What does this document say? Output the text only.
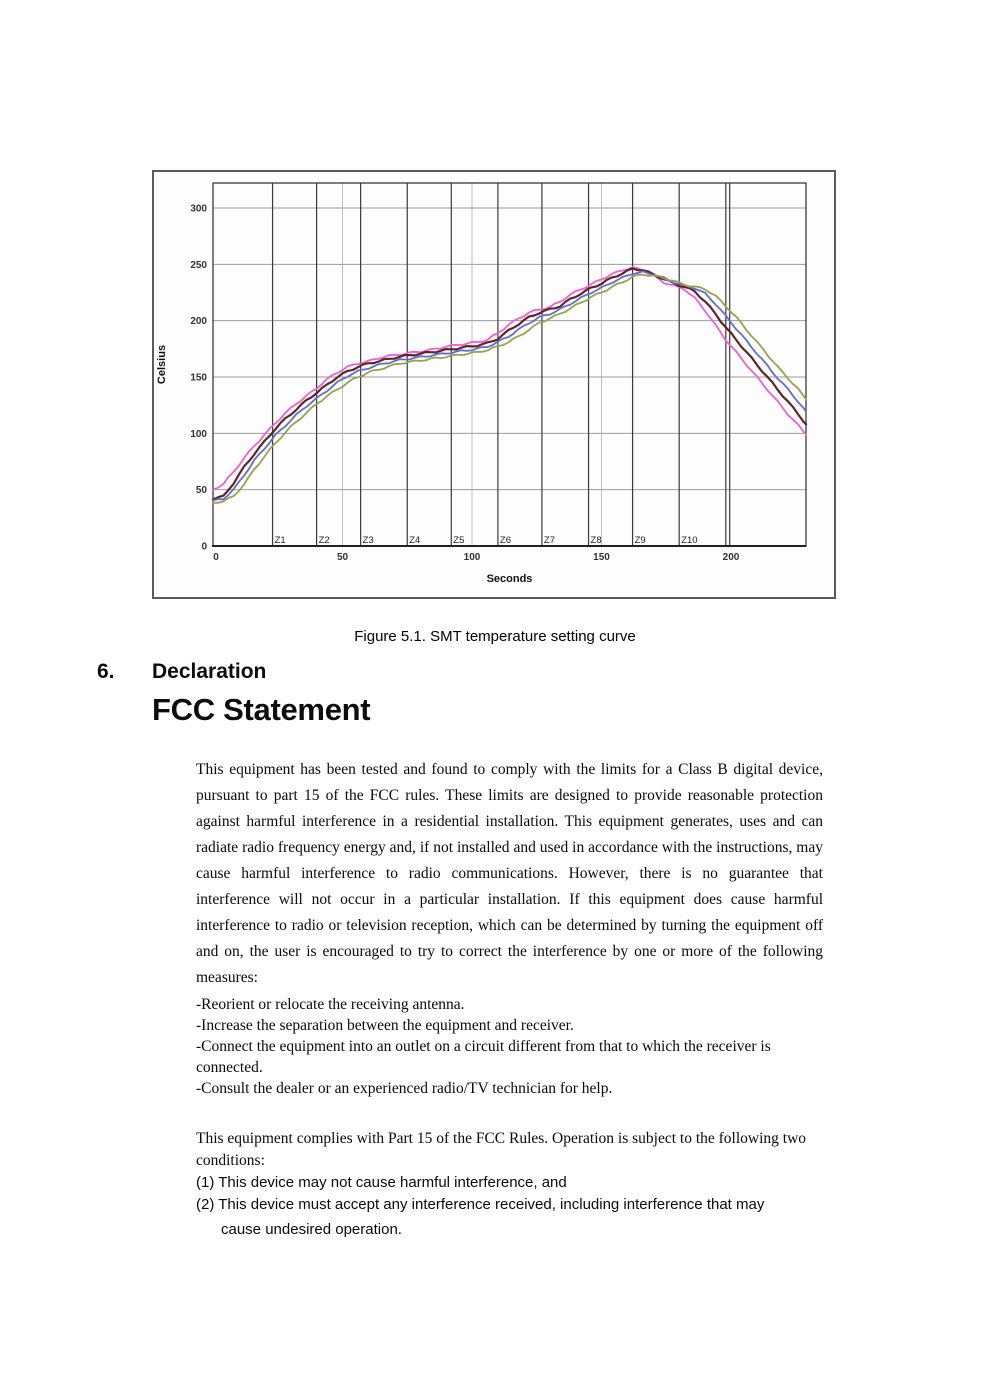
0
50
100
150
200
250
300
Z1	Z2	Z3	Z4	Z5	Z6	Z7	Z8	Z9	Z10
0	50	100	150	200
Celsius
Seconds
Figure 5.1. SMT temperature setting curve
6. Declaration
FCC Statement

This equipment has been tested and found to comply with the limits for a Class B digital device, pursuant to part 15 of the FCC rules. These limits are designed to provide reasonable protection against harmful interference in a residential installation. This equipment generates, uses and can radiate radio frequency energy and, if not installed and used in accordance with the instructions, may cause harmful interference to radio communications. However, there is no guarantee that interference will not occur in a particular installation. If this equipment does cause harmful interference to radio or television reception, which can be determined by turning the equipment off and on, the user is encouraged to try to correct the interference by one or more of the following measures:

-Reorient or relocate the receiving antenna.
-Increase the separation between the equipment and receiver.
-Connect the equipment into an outlet on a circuit different from that to which the receiver is connected.
-Consult the dealer or an experienced radio/TV technician for help.

This equipment complies with Part 15 of the FCC Rules. Operation is subject to the following two conditions:

(1) This device may not cause harmful interference, and
(2) This device must accept any interference received, including interference that may

cause undesired operation.
